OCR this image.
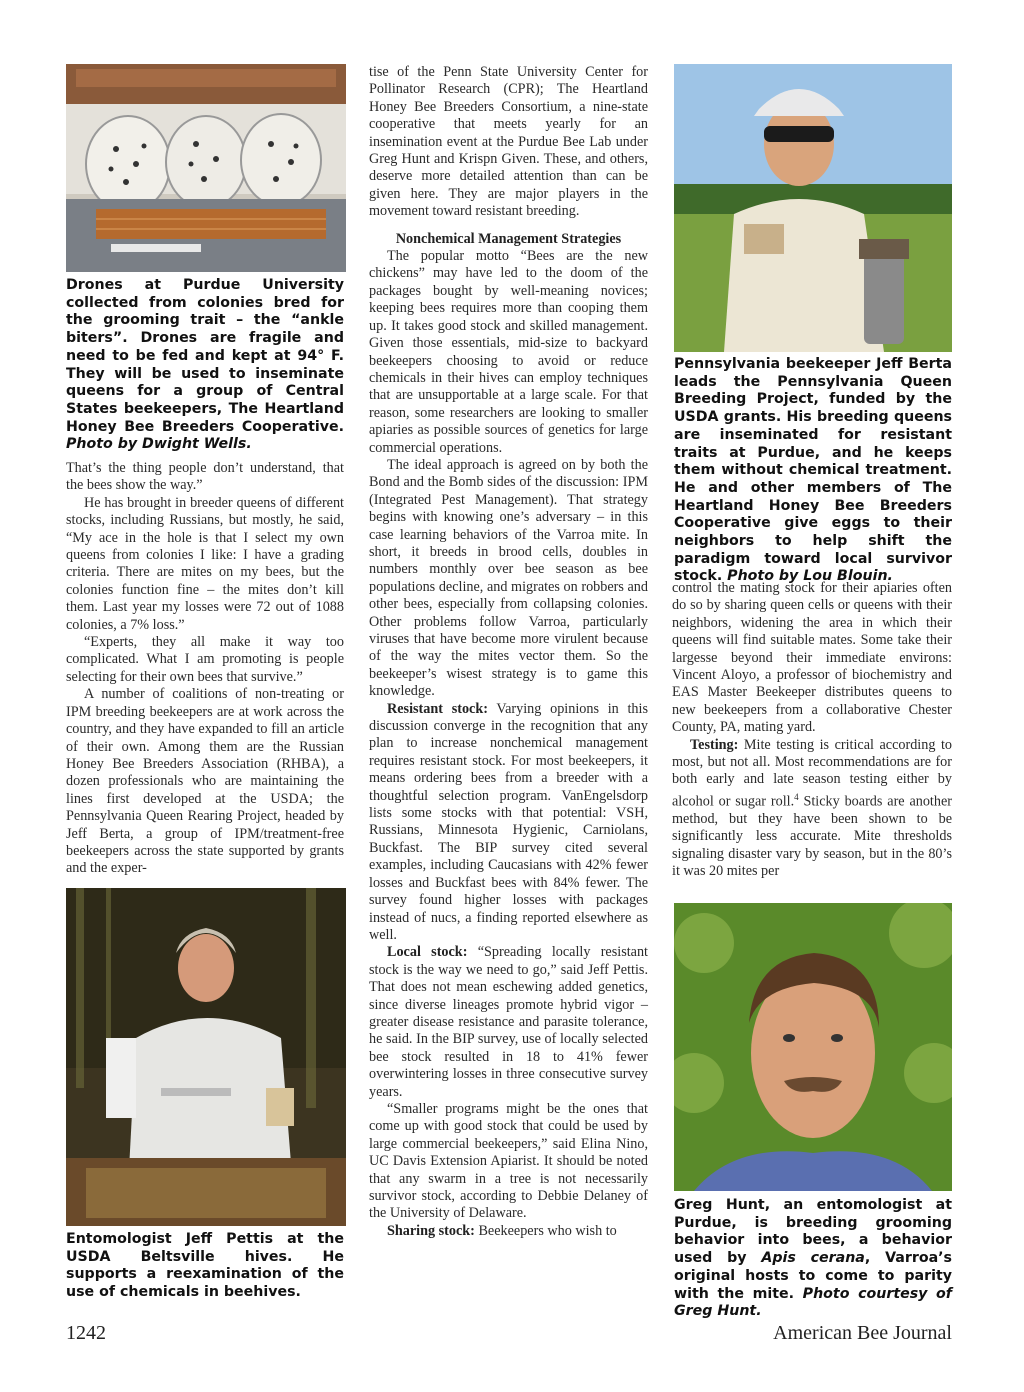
Drones at Purdue University collected from colonies bred for the grooming trait – the “ankle biters”. Drones are fragile and need to be fed and kept at 94° F. They will be used to inseminate queens for a group of Central States beekeepers, The Heartland Honey Bee Breeders Cooperative. Photo by Dwight Wells.

That’s the thing people don’t understand, that the bees show the way.”

He has brought in breeder queens of different stocks, including Russians, but mostly, he said, “My ace in the hole is that I select my own queens from colonies I like: I have a grading criteria. There are mites on my bees, but the colonies function fine – the mites don’t kill them. Last year my losses were 72 out of 1088 colonies, a 7% loss.”

“Experts, they all make it way too complicated. What I am promoting is people selecting for their own bees that survive.”

A number of coalitions of non-treating or IPM breeding beekeepers are at work across the country, and they have expanded to fill an article of their own. Among them are the Russian Honey Bee Breeders Association (RHBA), a dozen professionals who are maintaining the lines first developed at the USDA; the Pennsylvania Queen Rearing Project, headed by Jeff Berta, a group of IPM/treatment-free beekeepers across the state supported by grants and the exper-

Entomologist Jeff Pettis at the USDA Beltsville hives. He supports a reexamination of the use of chemicals in beehives.

tise of the Penn State University Center for Pollinator Research (CPR); The Heartland Honey Bee Breeders Consortium, a nine-state cooperative that meets yearly for an insemination event at the Purdue Bee Lab under Greg Hunt and Krispn Given. These, and others, deserve more detailed attention than can be given here. They are major players in the movement toward resistant breeding.

Nonchemical Management Strategies

The popular motto “Bees are the new chickens” may have led to the doom of the packages bought by well-meaning novices; keeping bees requires more than cooping them up. It takes good stock and skilled management. Given those essentials, mid-size to backyard beekeepers choosing to avoid or reduce chemicals in their hives can employ techniques that are unsupportable at a large scale. For that reason, some researchers are looking to smaller apiaries as possible sources of genetics for large commercial operations.

The ideal approach is agreed on by both the Bond and the Bomb sides of the discussion: IPM (Integrated Pest Management). That strategy begins with knowing one’s adversary – in this case learning behaviors of the Varroa mite. In short, it breeds in brood cells, doubles in numbers monthly over bee season as bee populations decline, and migrates on robbers and other bees, especially from collapsing colonies. Other problems follow Varroa, particularly viruses that have become more virulent because of the way the mites vector them. So the beekeeper’s wisest strategy is to game this knowledge.

Resistant stock: Varying opinions in this discussion converge in the recognition that any plan to increase nonchemical management requires resistant stock. For most beekeepers, it means ordering bees from a breeder with a thoughtful selection program. VanEngelsdorp lists some stocks with that potential: VSH, Russians, Minnesota Hygienic, Carniolans, Buckfast. The BIP survey cited several examples, including Caucasians with 42% fewer losses and Buckfast bees with 84% fewer. The survey found higher losses with packages instead of nucs, a finding reported elsewhere as well.

Local stock: “Spreading locally resistant stock is the way we need to go,” said Jeff Pettis. That does not mean eschewing added genetics, since diverse lineages promote hybrid vigor – greater disease resistance and parasite tolerance, he said. In the BIP survey, use of locally selected bee stock resulted in 18 to 41% fewer overwintering losses in three consecutive survey years.

“Smaller programs might be the ones that come up with good stock that could be used by large commercial beekeepers,” said Elina Nino, UC Davis Extension Apiarist. It should be noted that any swarm in a tree is not necessarily survivor stock, according to Debbie Delaney of the University of Delaware.

Sharing stock: Beekeepers who wish to

Pennsylvania beekeeper Jeff Berta leads the Pennsylvania Queen Breeding Project, funded by the USDA grants. His breeding queens are inseminated for resistant traits at Purdue, and he keeps them without chemical treatment. He and other members of The Heartland Honey Bee Breeders Cooperative give eggs to their neighbors to help shift the paradigm toward local survivor stock. Photo by Lou Blouin.

control the mating stock for their apiaries often do so by sharing queen cells or queens with their neighbors, widening the area in which their queens will find suitable mates. Some take their largesse beyond their immediate environs: Vincent Aloyo, a professor of biochemistry and EAS Master Beekeeper distributes queens to new beekeepers from a collaborative Chester County, PA, mating yard.

Testing: Mite testing is critical according to most, but not all. Most recommendations are for both early and late season testing either by alcohol or sugar roll.$^4$ Sticky boards are another method, but they have been shown to be significantly less accurate. Mite thresholds signaling disaster vary by season, but in the 80’s it was 20 mites per

Greg Hunt, an entomologist at Purdue, is breeding grooming behavior into bees, a behavior used by Apis cerana, Varroa’s original hosts to come to parity with the mite. Photo courtesy of Greg Hunt.
1242	American Bee Journal
